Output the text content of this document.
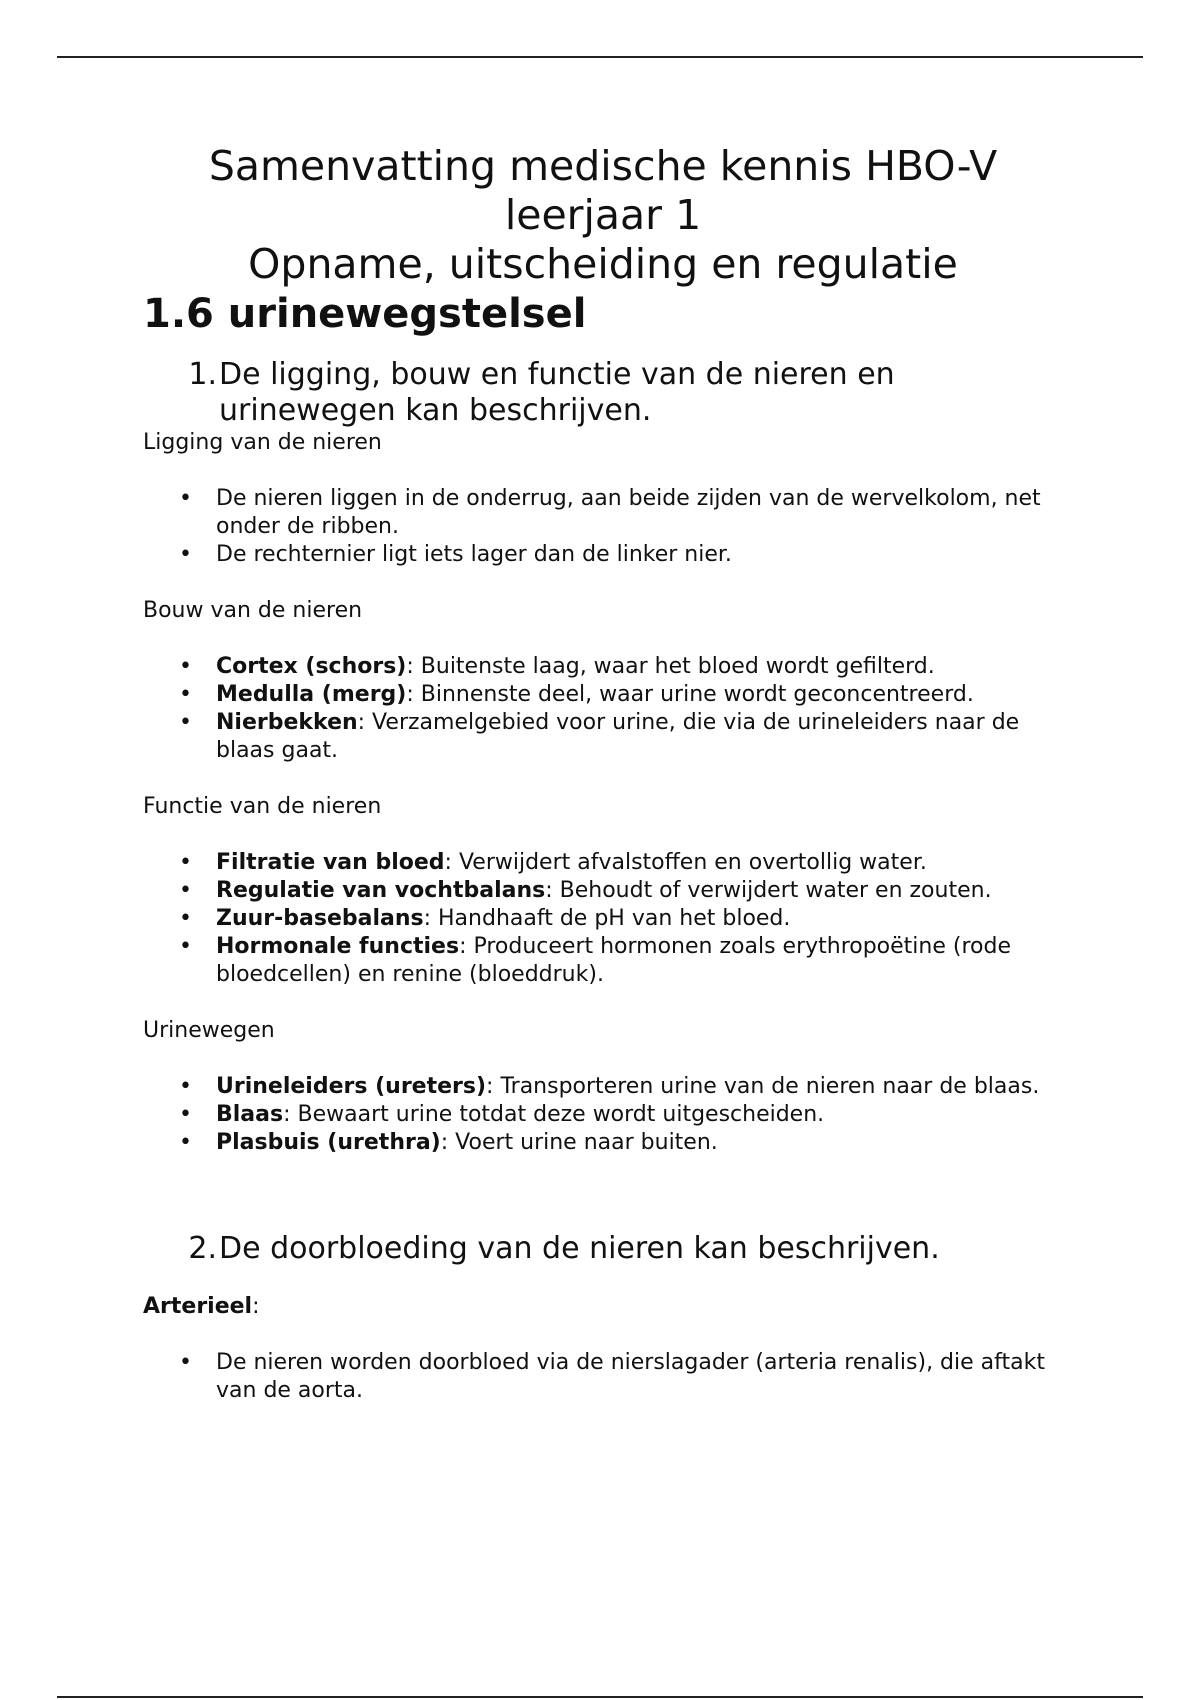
Samenvatting medische kennis HBO-V
leerjaar 1
Opname, uitscheiding en regulatie
1.6 urinewegstelsel
1. De ligging, bouw en functie van de nieren en urinewegen kan beschrijven.
Ligging van de nieren
• De nieren liggen in de onderrug, aan beide zijden van de wervelkolom, net onder de ribben.
• De rechternier ligt iets lager dan de linker nier.
Bouw van de nieren
• Cortex (schors): Buitenste laag, waar het bloed wordt gefilterd.
• Medulla (merg): Binnenste deel, waar urine wordt geconcentreerd.
• Nierbekken: Verzamelgebied voor urine, die via de urineleiders naar de blaas gaat.
Functie van de nieren
• Filtratie van bloed: Verwijdert afvalstoffen en overtollig water.
• Regulatie van vochtbalans: Behoudt of verwijdert water en zouten.
• Zuur-basebalans: Handhaaft de pH van het bloed.
• Hormonale functies: Produceert hormonen zoals erythropoëtine (rode bloedcellen) en renine (bloeddruk).
Urinewegen
• Urineleiders (ureters): Transporteren urine van de nieren naar de blaas.
• Blaas: Bewaart urine totdat deze wordt uitgescheiden.
• Plasbuis (urethra): Voert urine naar buiten.
2. De doorbloeding van de nieren kan beschrijven.
Arterieel:
• De nieren worden doorbloed via de nierslagader (arteria renalis), die aftakt van de aorta.
